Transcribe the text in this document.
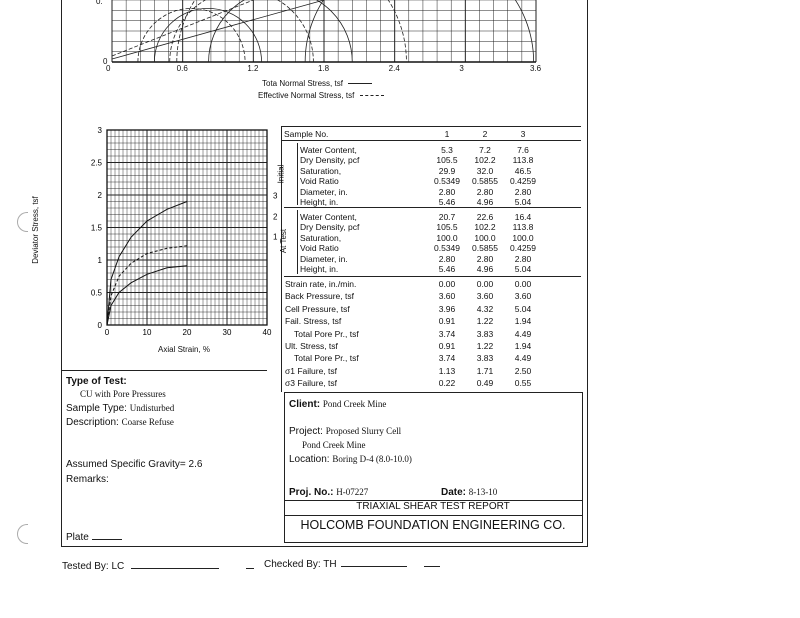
0.
0
0	0.6	1.2	1.8	2.4	3	3.6
Tota Normal Stress, tsf
Effective Normal Stress, tsf
0	10	20	30	40
0
0.5
1
1.5
2
2.5
3
1
2
3
Deviator Stress, tsf
Axial Strain, %
Sample No.	1	2	3
Initial
At Test
Water Content,	5.3	7.2	7.6
Dry Density, pcf	105.5	102.2	113.8
Saturation,	29.9	32.0	46.5
Void Ratio	0.5349	0.5855	0.4259
Diameter, in.	2.80	2.80	2.80
Height, in.	5.46	4.96	5.04
Water Content,	20.7	22.6	16.4
Dry Density, pcf	105.5	102.2	113.8
Saturation,	100.0	100.0	100.0
Void Ratio	0.5349	0.5855	0.4259
Diameter, in.	2.80	2.80	2.80
Height, in.	5.46	4.96	5.04
Strain rate, in./min.	0.00	0.00	0.00
Back Pressure, tsf	3.60	3.60	3.60
Cell Pressure, tsf	3.96	4.32	5.04
Fail. Stress, tsf	0.91	1.22	1.94
Total Pore Pr., tsf	3.74	3.83	4.49
Ult. Stress, tsf	0.91	1.22	1.94
Total Pore Pr., tsf	3.74	3.83	4.49
σ1 Failure, tsf	1.13	1.71	2.50
σ3 Failure, tsf	0.22	0.49	0.55
Type of Test:
CU with Pore Pressures
Sample Type: Undisturbed
Description: Coarse Refuse
Assumed Specific Gravity= 2.6
Remarks:
Plate
Client: Pond Creek Mine
Project: Proposed Slurry Cell
Pond Creek Mine
Location: Boring D-4 (8.0-10.0)
Proj. No.: H-07227	Date: 8-13-10
TRIAXIAL SHEAR TEST REPORT
HOLCOMB FOUNDATION ENGINEERING CO.
Tested By: LC	Checked By: TH
